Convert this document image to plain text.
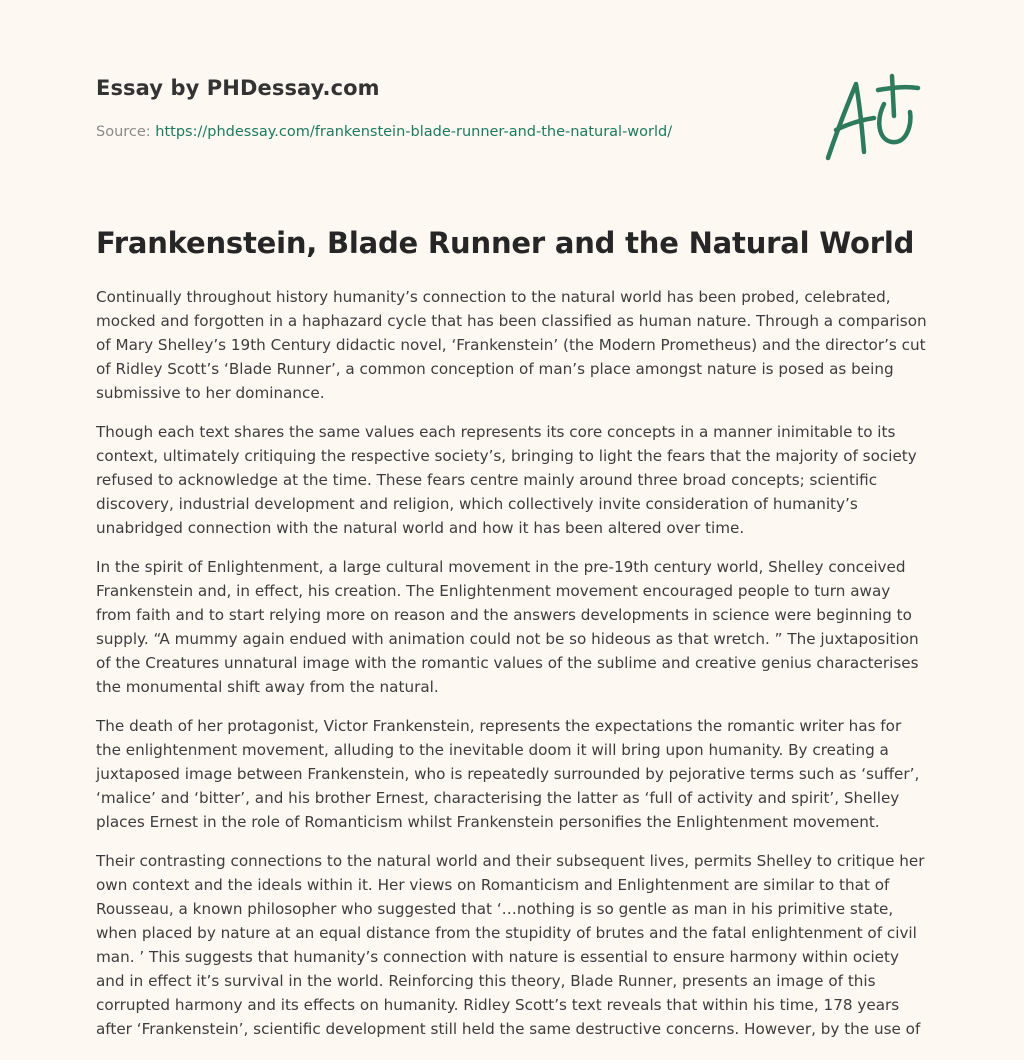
Essay by PHDessay.com
Source: https://phdessay.com/frankenstein-blade-runner-and-the-natural-world/
Frankenstein, Blade Runner and the Natural World

Continually throughout history humanity’s connection to the natural world has been probed, celebrated, mocked and forgotten in a haphazard cycle that has been classified as human nature. Through a comparison of Mary Shelley’s 19th Century didactic novel, ‘Frankenstein’ (the Modern Prometheus) and the director’s cut of Ridley Scott’s ‘Blade Runner’, a common conception of man’s place amongst nature is posed as being submissive to her dominance.

Though each text shares the same values each represents its core concepts in a manner inimitable to its context, ultimately critiquing the respective society’s, bringing to light the fears that the majority of society refused to acknowledge at the time. These fears centre mainly around three broad concepts; scientific discovery, industrial development and religion, which collectively invite consideration of humanity’s unabridged connection with the natural world and how it has been altered over time.

In the spirit of Enlightenment, a large cultural movement in the pre-19th century world, Shelley conceived Frankenstein and, in effect, his creation. The Enlightenment movement encouraged people to turn away from faith and to start relying more on reason and the answers developments in science were beginning to supply. “A mummy again endued with animation could not be so hideous as that wretch. ” The juxtaposition of the Creatures unnatural image with the romantic values of the sublime and creative genius characterises the monumental shift away from the natural.

The death of her protagonist, Victor Frankenstein, represents the expectations the romantic writer has for the enlightenment movement, alluding to the inevitable doom it will bring upon humanity. By creating a juxtaposed image between Frankenstein, who is repeatedly surrounded by pejorative terms such as ‘suffer’, ‘malice’ and ‘bitter’, and his brother Ernest, characterising the latter as ‘full of activity and spirit’, Shelley places Ernest in the role of Romanticism whilst Frankenstein personifies the Enlightenment movement.

Their contrasting connections to the natural world and their subsequent lives, permits Shelley to critique her own context and the ideals within it. Her views on Romanticism and Enlightenment are similar to that of Rousseau, a known philosopher who suggested that ‘…nothing is so gentle as man in his primitive state, when placed by nature at an equal distance from the stupidity of brutes and the fatal enlightenment of civil man. ’ This suggests that humanity’s connection with nature is essential to ensure harmony within ociety and in effect it’s survival in the world. Reinforcing this theory, Blade Runner, presents an image of this corrupted harmony and its effects on humanity. Ridley Scott’s text reveals that within his time, 178 years after ‘Frankenstein’, scientific development still held the same destructive concerns. However, by the use of
